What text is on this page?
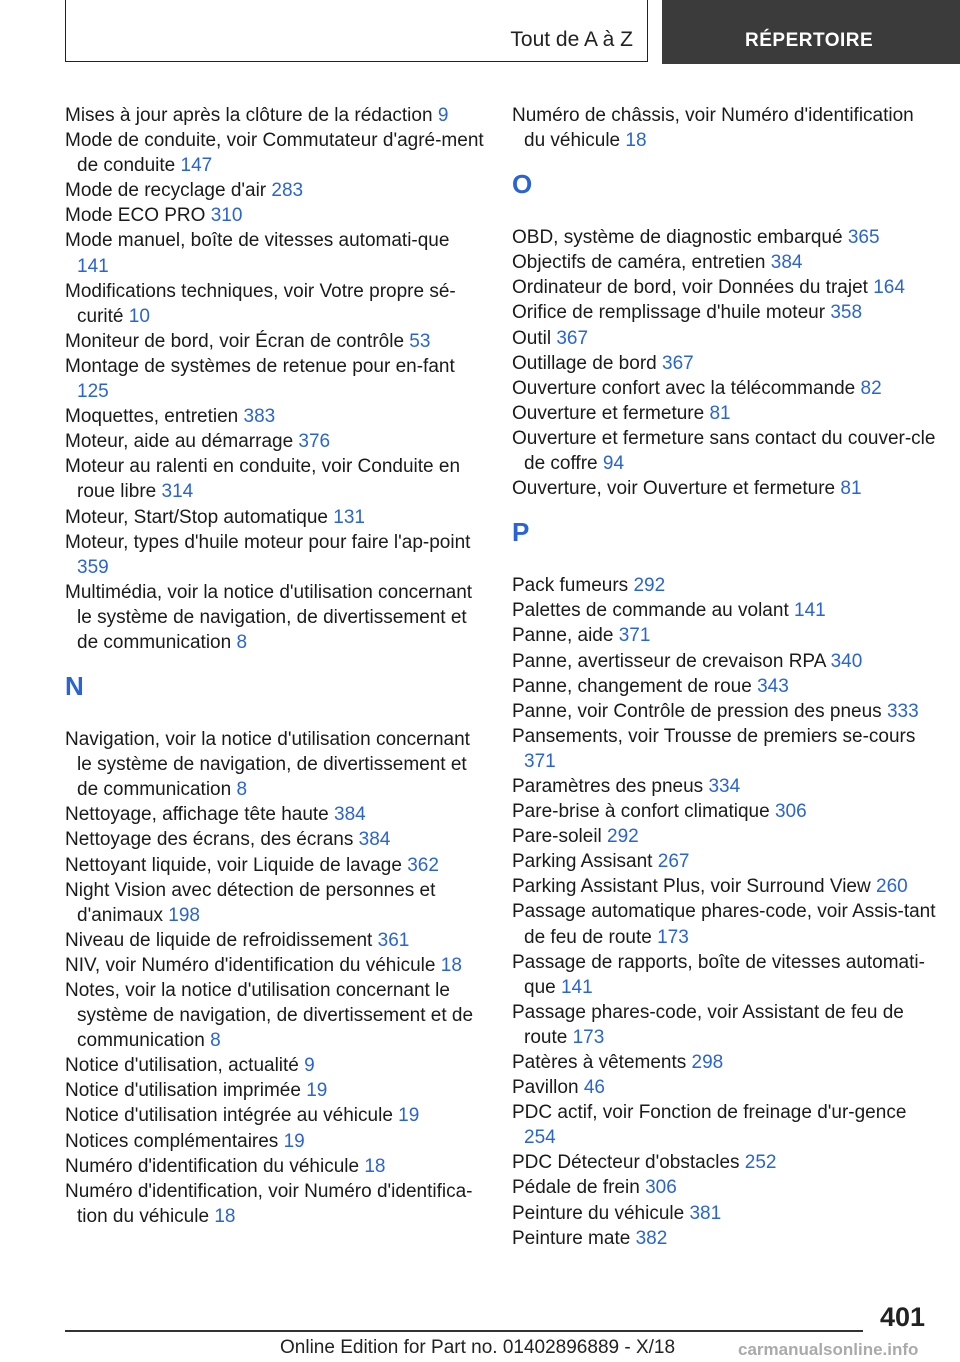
Tout de A à Z	RÉPERTOIRE
Mises à jour après la clôture de la rédaction 9
Mode de conduite, voir Commutateur d'agré-ment de conduite 147
Mode de recyclage d'air 283
Mode ECO PRO 310
Mode manuel, boîte de vitesses automati-que 141
Modifications techniques, voir Votre propre sé-curité 10
Moniteur de bord, voir Écran de contrôle 53
Montage de systèmes de retenue pour en-fant 125
Moquettes, entretien 383
Moteur, aide au démarrage 376
Moteur au ralenti en conduite, voir Conduite en roue libre 314
Moteur, Start/Stop automatique 131
Moteur, types d'huile moteur pour faire l'ap-point 359
Multimédia, voir la notice d'utilisation concernant le système de navigation, de divertissement et de communication 8
N
Navigation, voir la notice d'utilisation concernant le système de navigation, de divertissement et de communication 8
Nettoyage, affichage tête haute 384
Nettoyage des écrans, des écrans 384
Nettoyant liquide, voir Liquide de lavage 362
Night Vision avec détection de personnes et d'animaux 198
Niveau de liquide de refroidissement 361
NIV, voir Numéro d'identification du véhicule 18
Notes, voir la notice d'utilisation concernant le système de navigation, de divertissement et de communication 8
Notice d'utilisation, actualité 9
Notice d'utilisation imprimée 19
Notice d'utilisation intégrée au véhicule 19
Notices complémentaires 19
Numéro d'identification du véhicule 18
Numéro d'identification, voir Numéro d'identifica-tion du véhicule 18
Numéro de châssis, voir Numéro d'identification du véhicule 18
O
OBD, système de diagnostic embarqué 365
Objectifs de caméra, entretien 384
Ordinateur de bord, voir Données du trajet 164
Orifice de remplissage d'huile moteur 358
Outil 367
Outillage de bord 367
Ouverture confort avec la télécommande 82
Ouverture et fermeture 81
Ouverture et fermeture sans contact du couver-cle de coffre 94
Ouverture, voir Ouverture et fermeture 81
P
Pack fumeurs 292
Palettes de commande au volant 141
Panne, aide 371
Panne, avertisseur de crevaison RPA 340
Panne, changement de roue 343
Panne, voir Contrôle de pression des pneus 333
Pansements, voir Trousse de premiers se-cours 371
Paramètres des pneus 334
Pare-brise à confort climatique 306
Pare-soleil 292
Parking Assisant 267
Parking Assistant Plus, voir Surround View 260
Passage automatique phares-code, voir Assis-tant de feu de route 173
Passage de rapports, boîte de vitesses automati-que 141
Passage phares-code, voir Assistant de feu de route 173
Patères à vêtements 298
Pavillon 46
PDC actif, voir Fonction de freinage d'ur-gence 254
PDC Détecteur d'obstacles 252
Pédale de frein 306
Peinture du véhicule 381
Peinture mate 382
401
Online Edition for Part no. 01402896889 - X/18	carmanualsonline.info
